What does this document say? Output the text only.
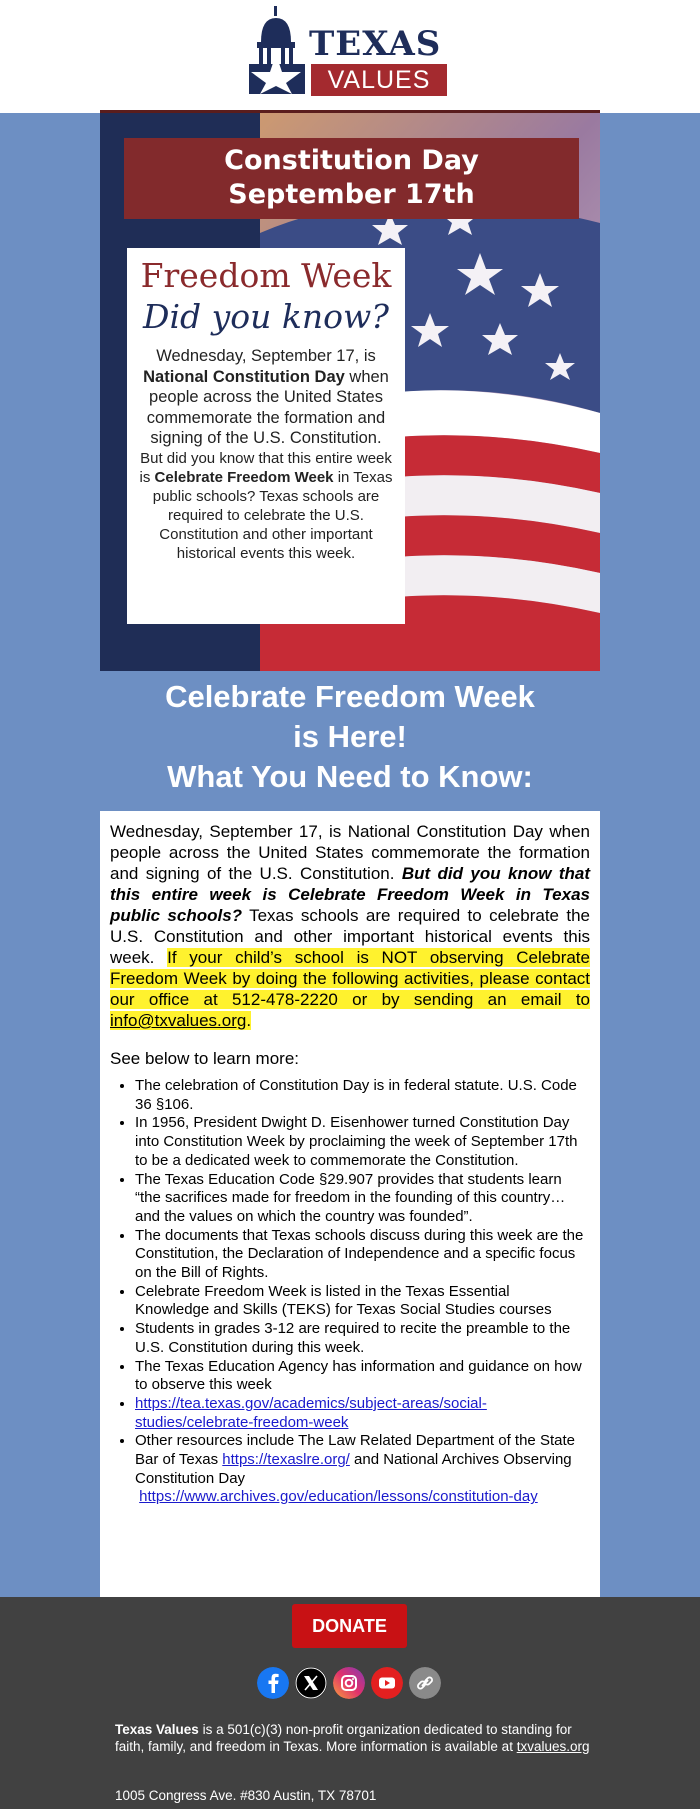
TEXAS
VALUES
Constitution Day
September 17th
Freedom Week
Did you know?
Wednesday, September 17, is National Constitution Day when people across the United States commemorate the formation and signing of the U.S. Constitution.
But did you know that this entire week is Celebrate Freedom Week in Texas public schools? Texas schools are required to celebrate the U.S. Constitution and other important historical events this week.
Celebrate Freedom Week
is Here!
What You Need to Know:
Wednesday, September 17, is National Constitution Day when people across the United States commemorate the formation and signing of the U.S. Constitution. But did you know that this entire week is Celebrate Freedom Week in Texas public schools? Texas schools are required to celebrate the U.S. Constitution and other important historical events this week. If your child’s school is NOT observing Celebrate Freedom Week by doing the following activities, please contact our office at 512-478-2220 or by sending an email to info@txvalues.org.
See below to learn more:
• The celebration of Constitution Day is in federal statute. U.S. Code 36 §106.
• In 1956, President Dwight D. Eisenhower turned Constitution Day into Constitution Week by proclaiming the week of September 17th to be a dedicated week to commemorate the Constitution.
• The Texas Education Code §29.907 provides that students learn “the sacrifices made for freedom in the founding of this country… and the values on which the country was founded”.
• The documents that Texas schools discuss during this week are the Constitution, the Declaration of Independence and a specific focus on the Bill of Rights.
• Celebrate Freedom Week is listed in the Texas Essential Knowledge and Skills (TEKS) for Texas Social Studies courses
• Students in grades 3-12 are required to recite the preamble to the U.S. Constitution during this week.
• The Texas Education Agency has information and guidance on how to observe this week
• https://tea.texas.gov/academics/subject-areas/social-studies/celebrate-freedom-week
• Other resources include The Law Related Department of the State Bar of Texas https://texaslre.org/ and National Archives Observing Constitution Day
https://www.archives.gov/education/lessons/constitution-day
DONATE
Texas Values is a 501(c)(3) non-profit organization dedicated to standing for faith, family, and freedom in Texas. More information is available at txvalues.org
1005 Congress Ave. #830 Austin, TX 78701
